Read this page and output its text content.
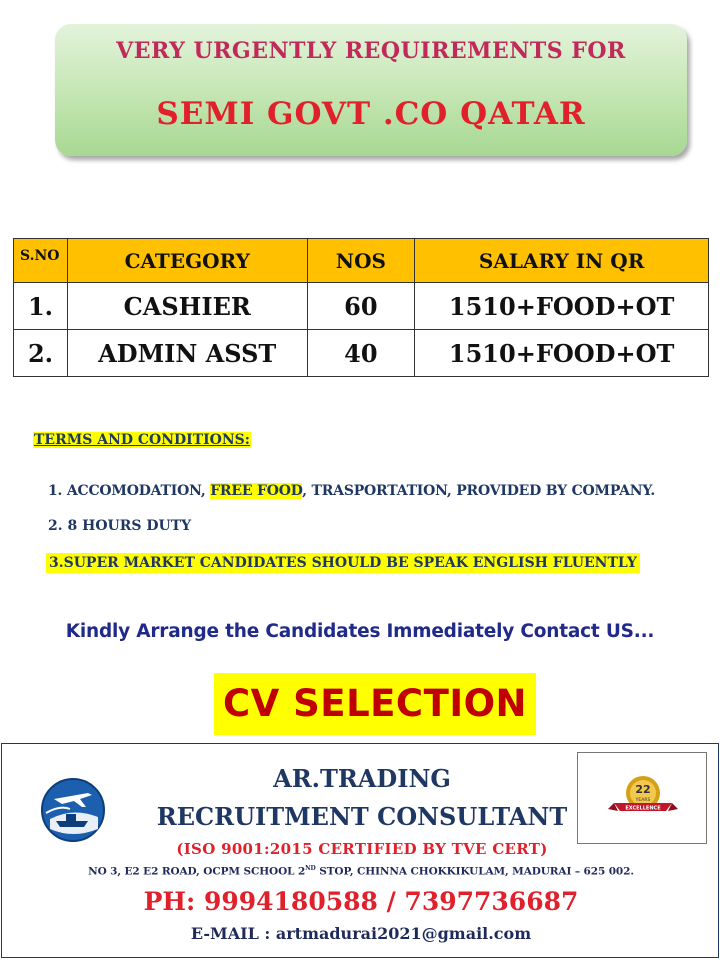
VERY URGENTLY REQUIREMENTS FOR
SEMI GOVT .CO QATAR
S.NO	CATEGORY	NOS	SALARY IN QR
1.	CASHIER	60	1510+FOOD+OT
2.	ADMIN ASST	40	1510+FOOD+OT
TERMS AND CONDITIONS:
1. ACCOMODATION, FREE FOOD, TRASPORTATION, PROVIDED BY COMPANY.
2. 8 HOURS DUTY
3.SUPER MARKET CANDIDATES SHOULD BE SPEAK ENGLISH FLUENTLY
Kindly Arrange the Candidates Immediately Contact US...
CV SELECTION
AR.TRADING
RECRUITMENT CONSULTANT
22
YEARS
EXCELLENCE
(ISO 9001:2015 CERTIFIED BY TVE CERT)
NO 3, E2 E2 ROAD, OCPM SCHOOL 2ND STOP, CHINNA CHOKKIKULAM, MADURAI – 625 002.
PH: 9994180588 / 7397736687
E-MAIL : artmadurai2021@gmail.com
